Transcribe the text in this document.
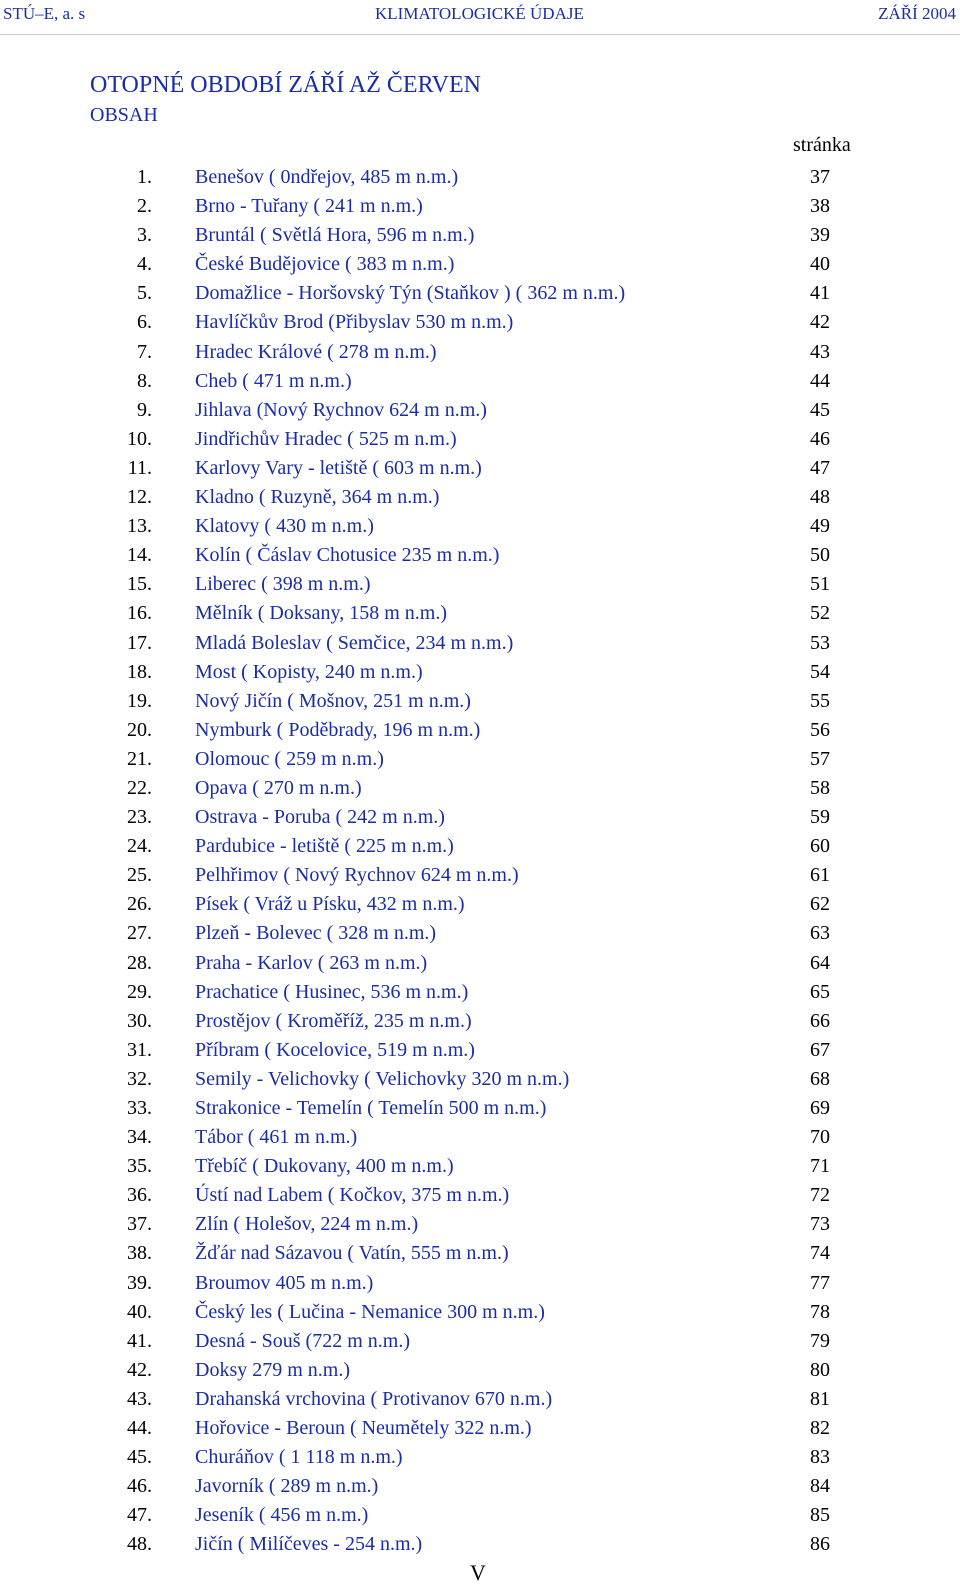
STÚ–E, a. s	KLIMATOLOGICKÉ ÚDAJE	ZÁŘÍ 2004
OTOPNÉ OBDOBÍ ZÁŘÍ AŽ ČERVEN
OBSAH
stránka
1. Benešov ( 0ndřejov, 485 m n.m.)	37
2. Brno - Tuřany ( 241 m n.m.)	38
3. Bruntál ( Světlá Hora, 596 m n.m.)	39
4. České Budějovice ( 383 m n.m.)	40
5. Domažlice - Horšovský Týn (Staňkov ) ( 362 m n.m.)	41
6. Havlíčkův Brod (Přibyslav 530 m n.m.)	42
7. Hradec Králové ( 278 m n.m.)	43
8. Cheb ( 471 m n.m.)	44
9. Jihlava (Nový Rychnov 624 m n.m.)	45
10. Jindřichův Hradec ( 525 m n.m.)	46
11. Karlovy Vary - letiště ( 603 m n.m.)	47
12. Kladno ( Ruzyně, 364 m n.m.)	48
13. Klatovy ( 430 m n.m.)	49
14. Kolín ( Čáslav Chotusice 235 m n.m.)	50
15. Liberec ( 398 m n.m.)	51
16. Mělník ( Doksany, 158 m n.m.)	52
17. Mladá Boleslav ( Semčice, 234 m n.m.)	53
18. Most ( Kopisty, 240 m n.m.)	54
19. Nový Jičín ( Mošnov, 251 m n.m.)	55
20. Nymburk ( Poděbrady, 196 m n.m.)	56
21. Olomouc ( 259 m n.m.)	57
22. Opava ( 270 m n.m.)	58
23. Ostrava - Poruba ( 242 m n.m.)	59
24. Pardubice - letiště ( 225 m n.m.)	60
25. Pelhřimov ( Nový Rychnov 624 m n.m.)	61
26. Písek ( Vráž u Písku, 432 m n.m.)	62
27. Plzeň - Bolevec ( 328 m n.m.)	63
28. Praha - Karlov ( 263 m n.m.)	64
29. Prachatice ( Husinec, 536 m n.m.)	65
30. Prostějov ( Kroměříž, 235 m n.m.)	66
31. Příbram ( Kocelovice, 519 m n.m.)	67
32. Semily - Velichovky ( Velichovky 320 m n.m.)	68
33. Strakonice - Temelín ( Temelín 500 m n.m.)	69
34. Tábor ( 461 m n.m.)	70
35. Třebíč ( Dukovany, 400 m n.m.)	71
36. Ústí nad Labem ( Kočkov, 375 m n.m.)	72
37. Zlín ( Holešov, 224 m n.m.)	73
38. Žďár nad Sázavou ( Vatín, 555 m n.m.)	74
39. Broumov 405 m n.m.)	77
40. Český les ( Lučina - Nemanice 300 m n.m.)	78
41. Desná - Souš (722 m n.m.)	79
42. Doksy 279 m n.m.)	80
43. Drahanská vrchovina ( Protivanov 670 n.m.)	81
44. Hořovice - Beroun ( Neumětely 322 n.m.)	82
45. Churáňov ( 1 118 m n.m.)	83
46. Javorník ( 289 m n.m.)	84
47. Jeseník ( 456 m n.m.)	85
48. Jičín ( Milíčeves - 254 n.m.)	86
V
